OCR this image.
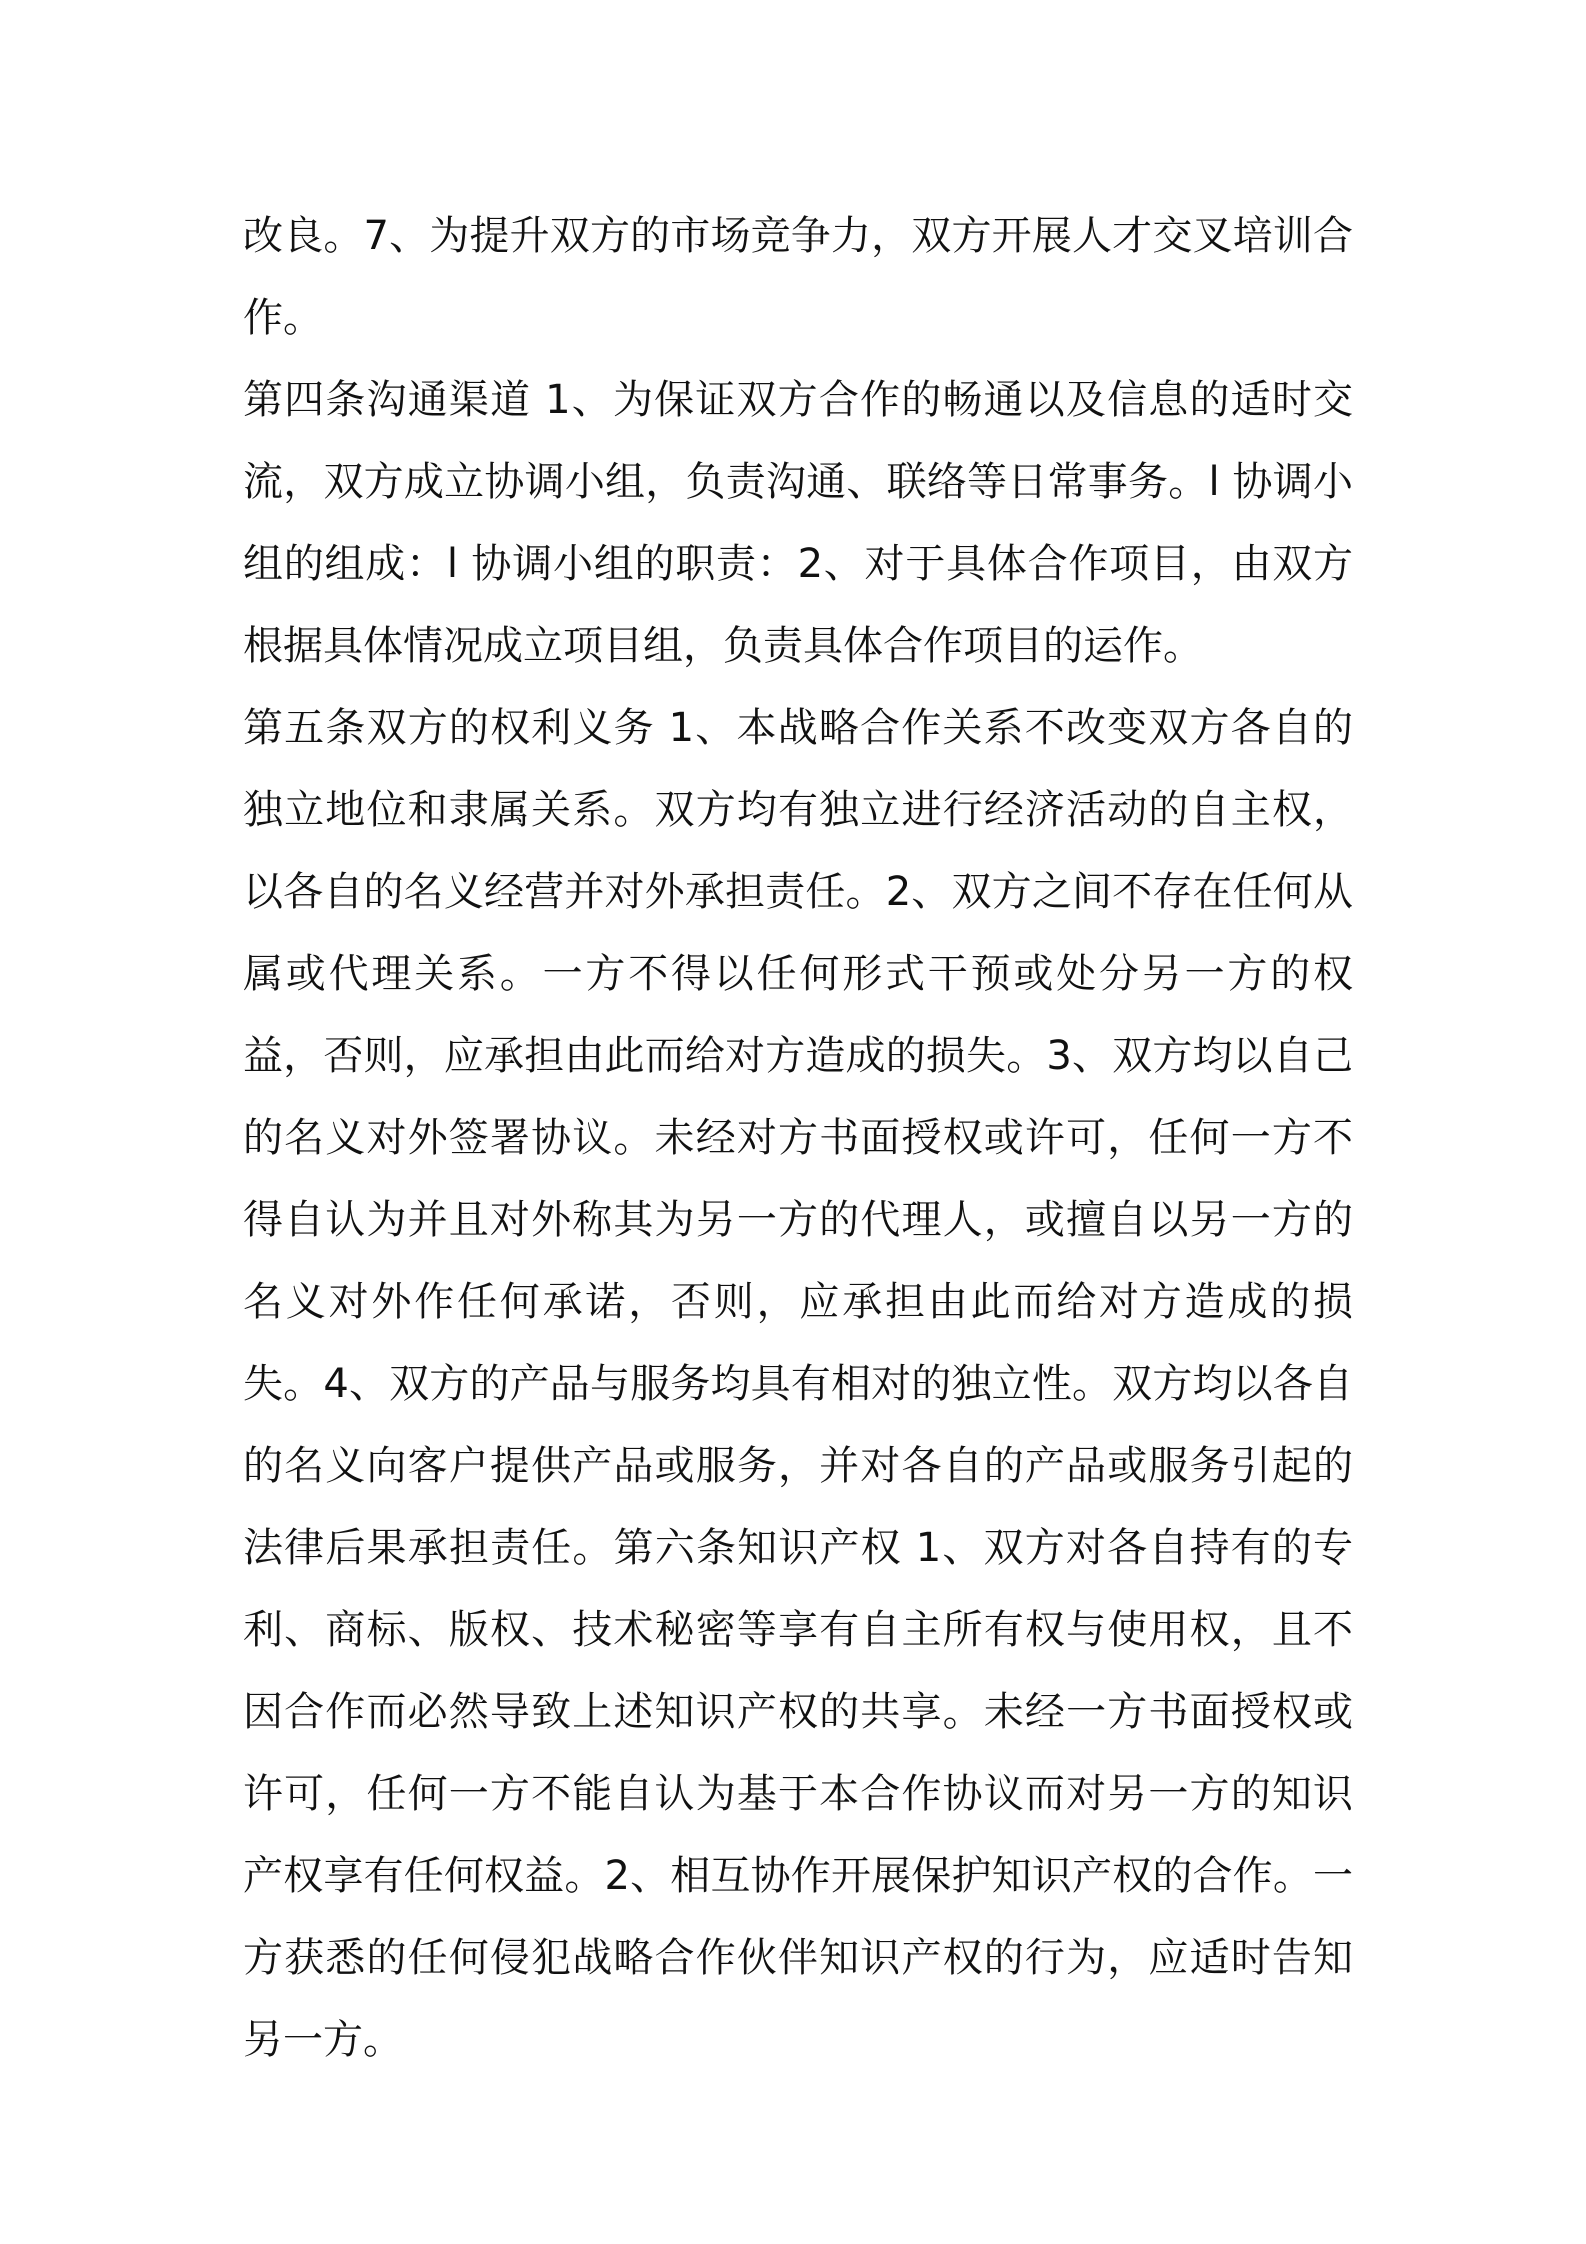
改良。7、为提升双方的市场竞争力，双方开展人才交叉培训合作。

第四条沟通渠道 1、为保证双方合作的畅通以及信息的适时交流，双方成立协调小组，负责沟通、联络等日常事务。l 协调小组的组成：l 协调小组的职责：2、对于具体合作项目，由双方根据具体情况成立项目组，负责具体合作项目的运作。

第五条双方的权利义务 1、本战略合作关系不改变双方各自的独立地位和隶属关系。双方均有独立进行经济活动的自主权，以各自的名义经营并对外承担责任。2、双方之间不存在任何从属或代理关系。一方不得以任何形式干预或处分另一方的权益，否则，应承担由此而给对方造成的损失。3、双方均以自己的名义对外签署协议。未经对方书面授权或许可，任何一方不得自认为并且对外称其为另一方的代理人，或擅自以另一方的名义对外作任何承诺，否则，应承担由此而给对方造成的损失。4、双方的产品与服务均具有相对的独立性。双方均以各自的名义向客户提供产品或服务，并对各自的产品或服务引起的法律后果承担责任。第六条知识产权 1、双方对各自持有的专利、商标、版权、技术秘密等享有自主所有权与使用权，且不因合作而必然导致上述知识产权的共享。未经一方书面授权或许可，任何一方不能自认为基于本合作协议而对另一方的知识产权享有任何权益。2、相互协作开展保护知识产权的合作。一方获悉的任何侵犯战略合作伙伴知识产权的行为，应适时告知另一方。
